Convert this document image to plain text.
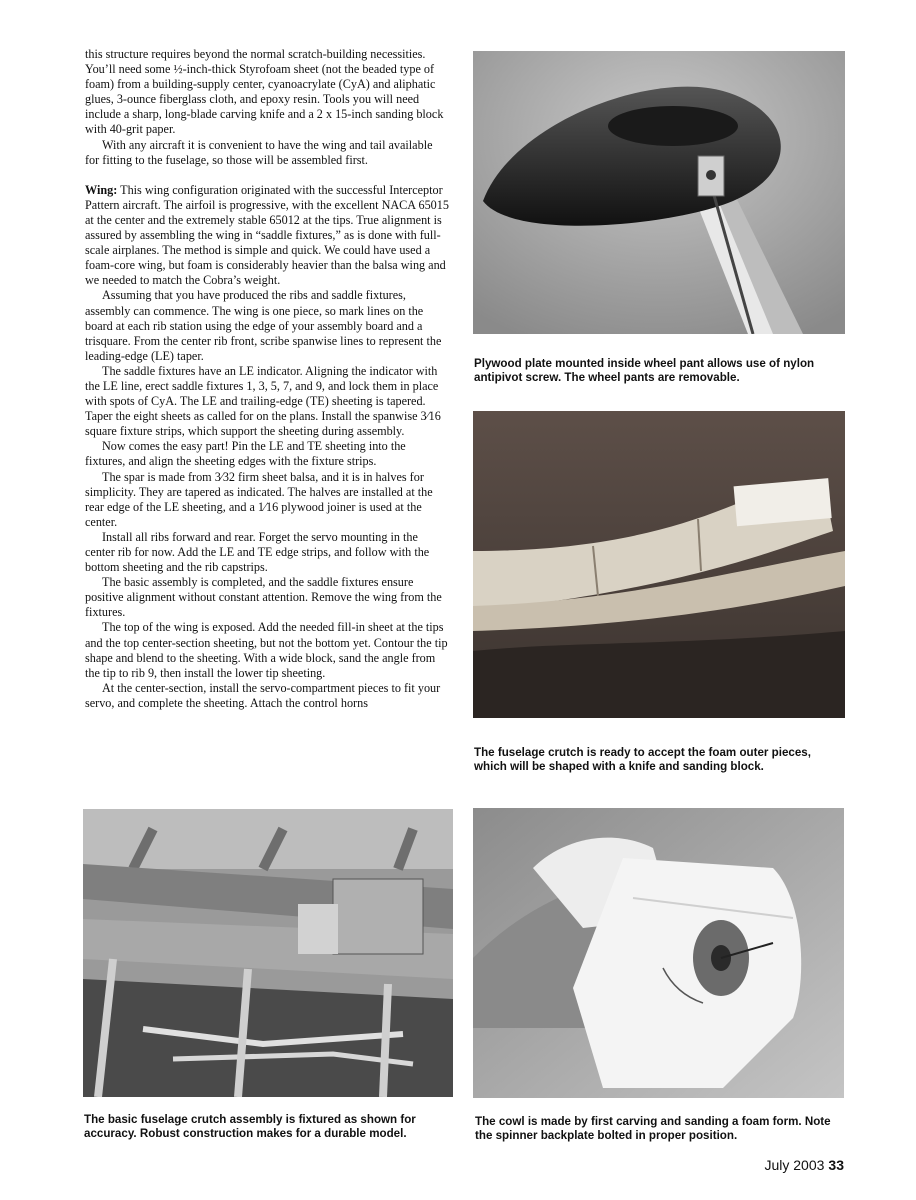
this structure requires beyond the normal scratch-building necessities. You’ll need some ½-inch-thick Styrofoam sheet (not the beaded type of foam) from a building-supply center, cyanoacrylate (CyA) and aliphatic glues, 3-ounce fiberglass cloth, and epoxy resin. Tools you will need include a sharp, long-blade carving knife and a 2 x 15-inch sanding block with 40-grit paper.

With any aircraft it is convenient to have the wing and tail available for fitting to the fuselage, so those will be assembled first.

Wing: This wing configuration originated with the successful Interceptor Pattern aircraft. The airfoil is progressive, with the excellent NACA 65015 at the center and the extremely stable 65012 at the tips. True alignment is assured by assembling the wing in “saddle fixtures,” as is done with full-scale airplanes. The method is simple and quick. We could have used a foam-core wing, but foam is considerably heavier than the balsa wing and we needed to match the Cobra’s weight.

Assuming that you have produced the ribs and saddle fixtures, assembly can commence. The wing is one piece, so mark lines on the board at each rib station using the edge of your assembly board and a trisquare. From the center rib front, scribe spanwise lines to represent the leading-edge (LE) taper.

The saddle fixtures have an LE indicator. Aligning the indicator with the LE line, erect saddle fixtures 1, 3, 5, 7, and 9, and lock them in place with spots of CyA. The LE and trailing-edge (TE) sheeting is tapered. Taper the eight sheets as called for on the plans. Install the spanwise 3⁄16 square fixture strips, which support the sheeting during assembly.

Now comes the easy part! Pin the LE and TE sheeting into the fixtures, and align the sheeting edges with the fixture strips.

The spar is made from 3⁄32 firm sheet balsa, and it is in halves for simplicity. They are tapered as indicated. The halves are installed at the rear edge of the LE sheeting, and a 1⁄16 plywood joiner is used at the center.

Install all ribs forward and rear. Forget the servo mounting in the center rib for now. Add the LE and TE edge strips, and follow with the bottom sheeting and the rib capstrips.

The basic assembly is completed, and the saddle fixtures ensure positive alignment without constant attention. Remove the wing from the fixtures.

The top of the wing is exposed. Add the needed fill-in sheet at the tips and the top center-section sheeting, but not the bottom yet. Contour the tip shape and blend to the sheeting. With a wide block, sand the angle from the tip to rib 9, then install the lower tip sheeting.

At the center-section, install the servo-compartment pieces to fit your servo, and complete the sheeting. Attach the control horns

Plywood plate mounted inside wheel pant allows use of nylon antipivot screw. The wheel pants are removable.
The fuselage crutch is ready to accept the foam outer pieces, which will be shaped with a knife and sanding block.
The basic fuselage crutch assembly is fixtured as shown for accuracy. Robust construction makes for a durable model.
The cowl is made by first carving and sanding a foam form. Note the spinner backplate bolted in proper position.
July 2003 33
